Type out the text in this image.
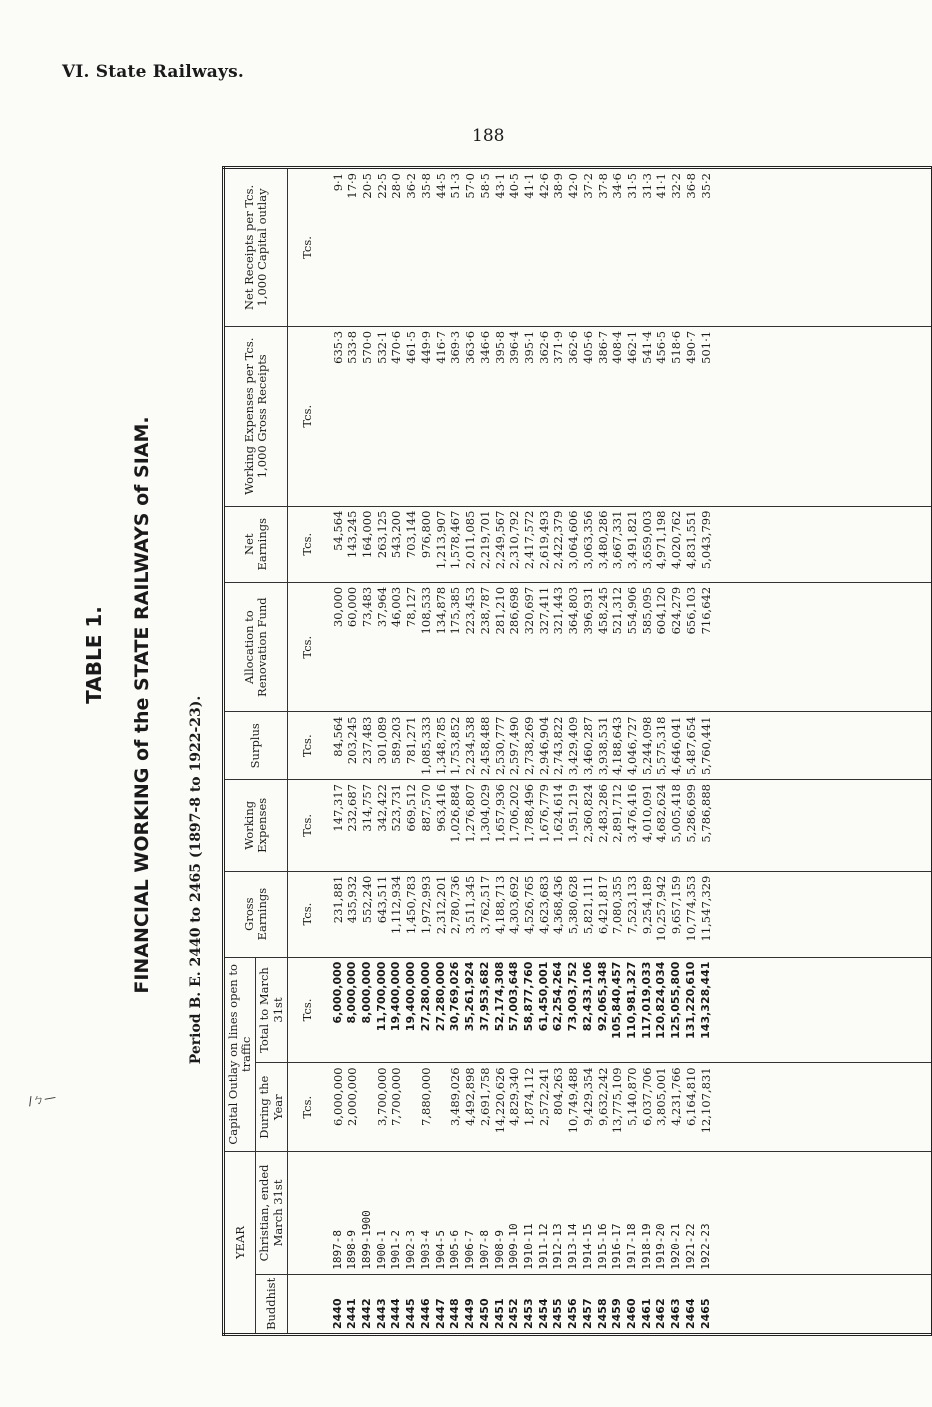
VI. State Railways.
188
TABLE 1. FINANCIAL WORKING of the STATE RAILWAYS of SIAM.	Period B. E. 2440 to 2465 (1897-8 to 1922-23).
/ㄅ—
YEAR		Capital Outlay on lines open to traffic		Gross Earnings	Working Expenses	Surplus	Allocation to Renovation Fund	Net Earnings	Working Expenses per Tcs. 1,000 Gross Receipts	Net Receipts per Tcs. 1,000 Capital outlay
Buddhist	Christian, ended March 31st	During the Year	Total to March 31st							
		Tcs.	Tcs.	Tcs.	Tcs.	Tcs.	Tcs.	Tcs.	Tcs.	Tcs.
2440	1897-8	6,000,000	6,000,000	231,881	147,317	84,564	30,000	54,564	635·3	9·1
2441	1898-9	2,000,000	8,000,000	435,932	232,687	203,245	60,000	143,245	533·8	17·9
2442	1899-1900		8,000,000	552,240	314,757	237,483	73,483	164,000	570·0	20·5
2443	1900-1	3,700,000	11,700,000	643,511	342,422	301,089	37,964	263,125	532·1	22·5
2444	1901-2	7,700,000	19,400,000	1,112,934	523,731	589,203	46,003	543,200	470·6	28·0
2445	1902-3		19,400,000	1,450,783	669,512	781,271	78,127	703,144	461·5	36·2
2446	1903-4	7,880,000	27,280,000	1,972,993	887,570	1,085,333	108,533	976,800	449·9	35·8
2447	1904-5		27,280,000	2,312,201	963,416	1,348,785	134,878	1,213,907	416·7	44·5
2448	1905-6	3,489,026	30,769,026	2,780,736	1,026,884	1,753,852	175,385	1,578,467	369·3	51·3
2449	1906-7	4,492,898	35,261,924	3,511,345	1,276,807	2,234,538	223,453	2,011,085	363·6	57·0
2450	1907-8	2,691,758	37,953,682	3,762,517	1,304,029	2,458,488	238,787	2,219,701	346·6	58·5
2451	1908-9	14,220,626	52,174,308	4,188,713	1,657,936	2,530,777	281,210	2,249,567	395·8	43·1
2452	1909-10	4,829,340	57,003,648	4,303,692	1,706,202	2,597,490	286,698	2,310,792	396·4	40·5
2453	1910-11	1,874,112	58,877,760	4,526,765	1,788,496	2,738,269	320,697	2,417,572	395·1	41·1
2454	1911-12	2,572,241	61,450,001	4,623,683	1,676,779	2,946,904	327,411	2,619,493	362·6	42·6
2455	1912-13	804,263	62,254,264	4,368,436	1,624,614	2,743,822	321,443	2,422,379	371·9	38·9
2456	1913-14	10,749,488	73,003,752	5,380,628	1,951,219	3,429,409	364,803	3,064,606	362·6	42·0
2457	1914-15	9,429,354	82,433,106	5,821,111	2,360,824	3,460,287	396,931	3,063,356	405·6	37·2
2458	1915-16	9,632,242	92,065,348	6,421,817	2,483,286	3,938,531	458,245	3,480,286	386·7	37·8
2459	1916-17	13,775,109	105,840,457	7,080,355	2,891,712	4,188,643	521,312	3,667,331	408·4	34·6
2460	1917-18	5,140,870	110,981,327	7,523,133	3,476,416	4,046,727	554,906	3,491,821	462·1	31·5
2461	1918-19	6,037,706	117,019,033	9,254,189	4,010,091	5,244,098	585,095	3,659,003	541·4	31·3
2462	1919-20	3,805,001	120,824,034	10,257,942	4,682,624	5,575,318	604,120	4,971,198	456·5	41·1
2463	1920-21	4,231,766	125,055,800	9,657,159	5,005,418	4,646,041	624,279	4,020,762	518·6	32·2
2464	1921-22	6,164,810	131,220,610	10,774,353	5,286,699	5,487,654	656,103	4,831,551	490·7	36·8
2465	1922-23	12,107,831	143,328,441	11,547,329	5,786,888	5,760,441	716,642	5,043,799	501·1	35·2
